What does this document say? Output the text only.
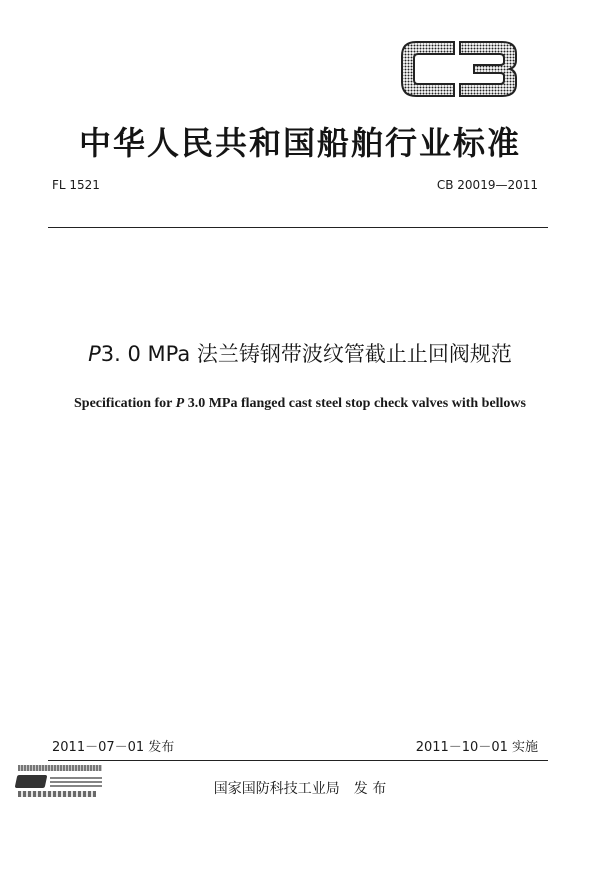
中华人民共和国船舶行业标准
FL 1521	CB 20019—2011
P3. 0 MPa 法兰铸钢带波纹管截止止回阀规范
Specification for P 3.0 MPa flanged cast steel stop check valves with bellows
2011－07－01 发布	2011－10－01 实施
国家国防科技工业局 发 布
